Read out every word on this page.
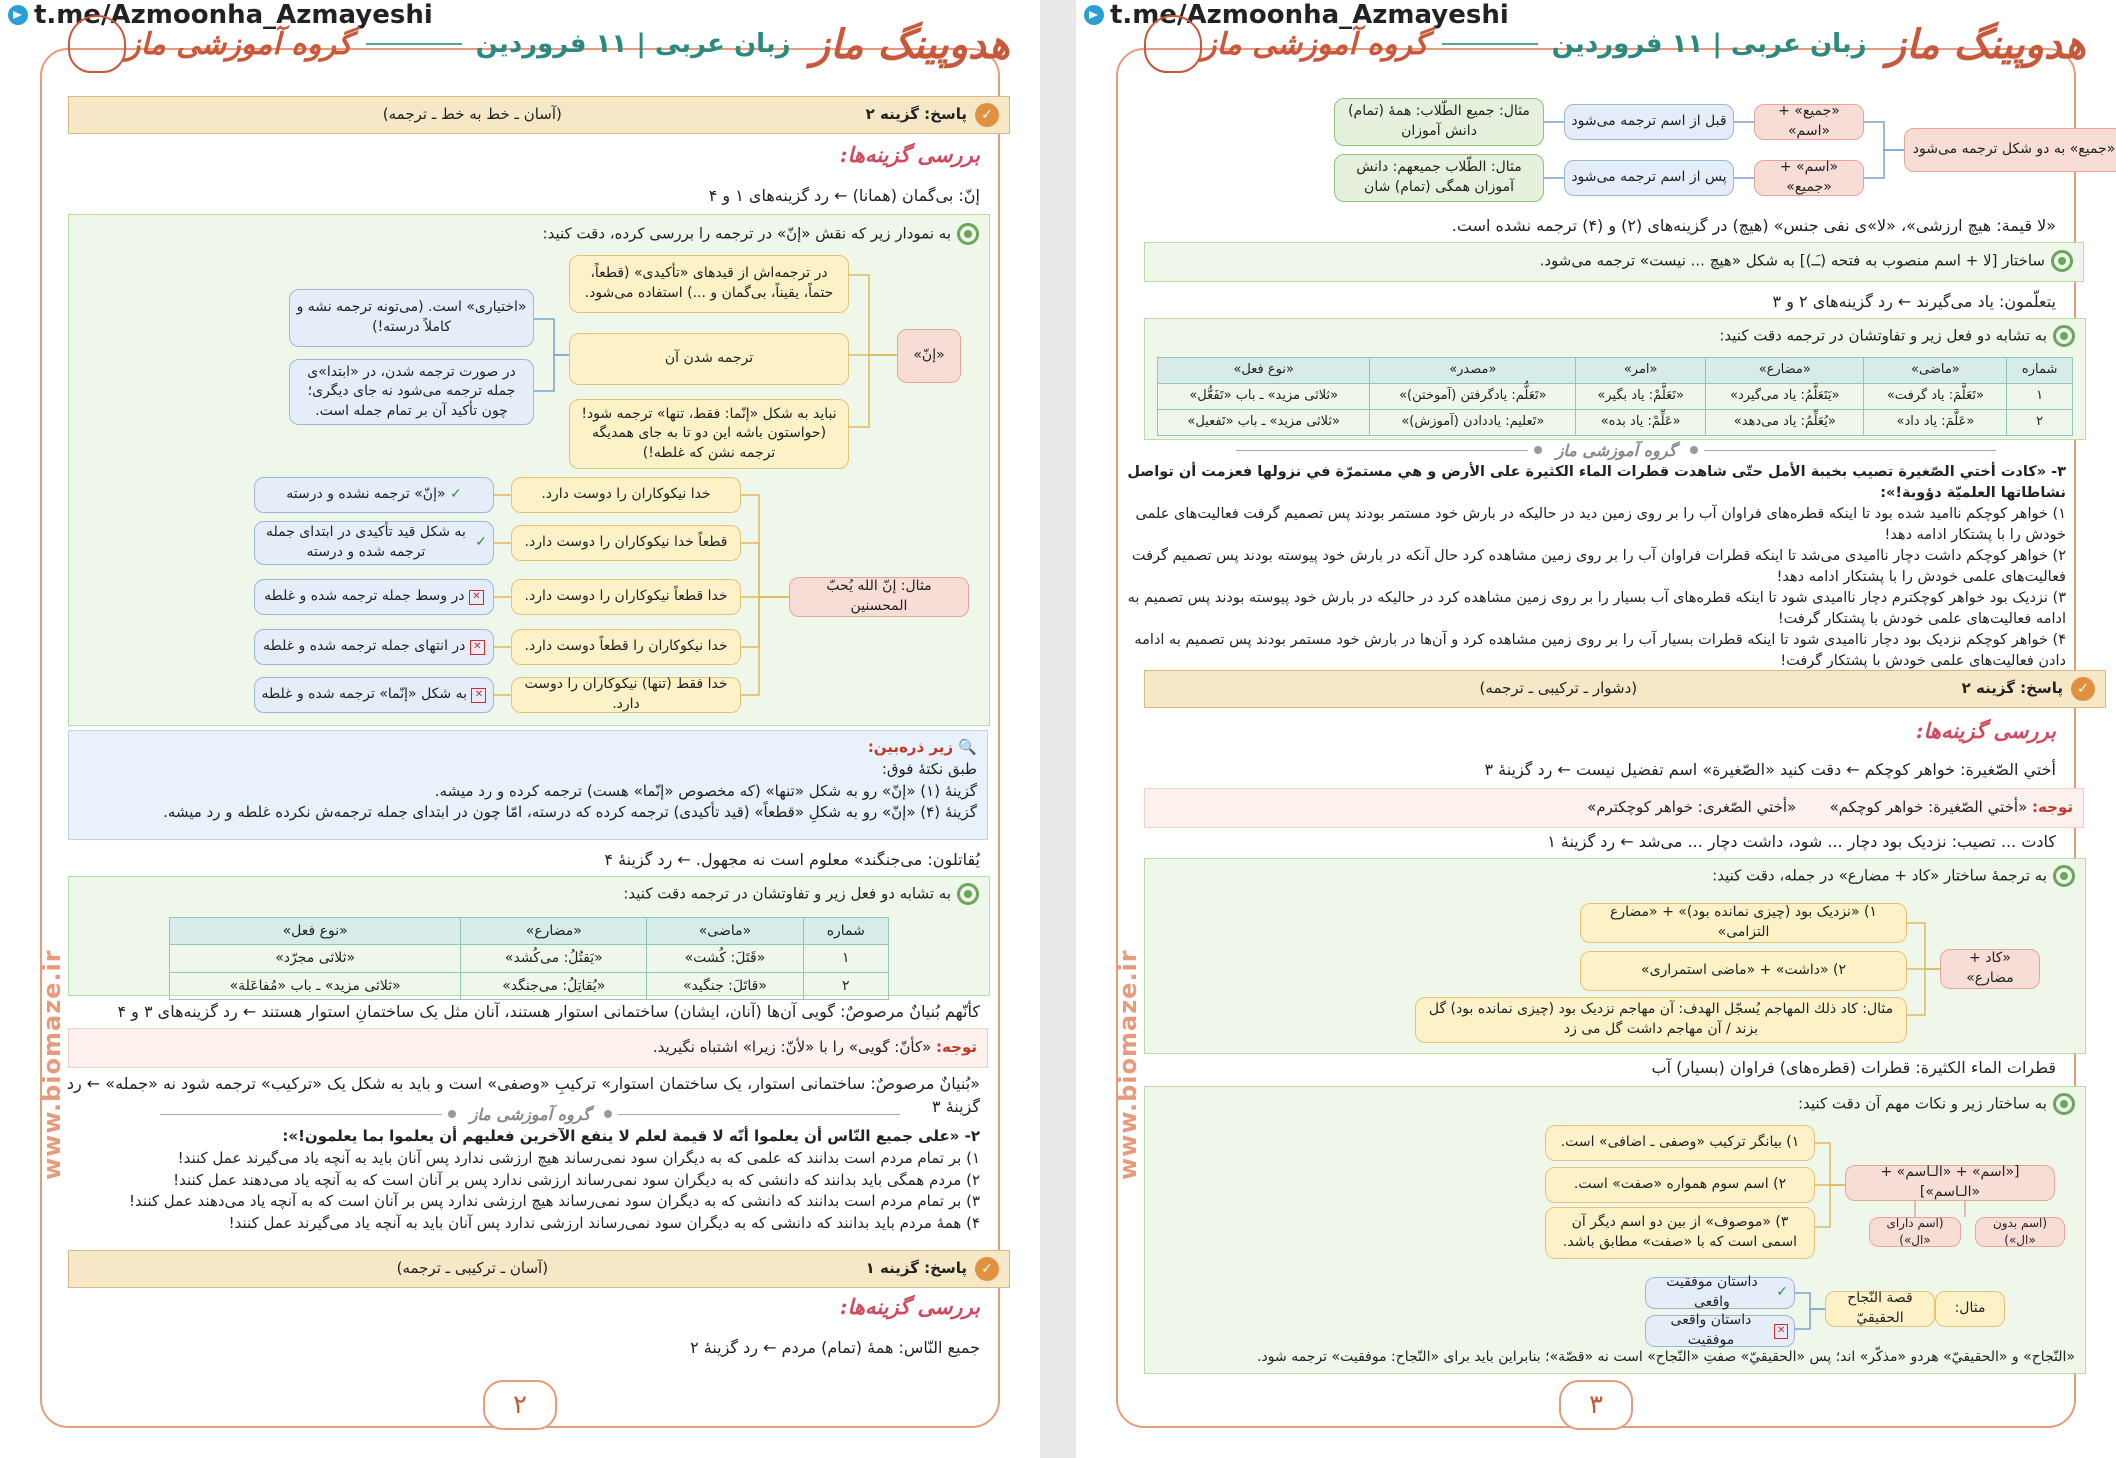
t.me/Azmoonha_Azmayeshi
هدوپینگ ماز
زبان عربی | ۱۱ فروردین
گروه آموزشی ماز
www.biomaze.ir
✓
پاسخ: گزینه ۲
(آسان ـ خط به خط ـ ترجمه)
بررسی گزینه‌ها:
إنّ: بی‌گمان (همانا) ← رد گزینه‌های ۱ و ۴
به نمودار زیر که نقش «إنّ» در ترجمه را بررسی کرده، دقت کنید:
«إنّ»
در ترجمه‌اش از قیدهای «تأکیدی» (قطعاً، حتماً، یقیناً، بی‌گمان و ...) استفاده می‌شود.
ترجمه شدن آن
نباید به شکل «إنّما: فقط، تنها» ترجمه شود! (حواستون باشه این دو تا به جای همدیگه ترجمه نشن که غلطه!)
«اختیاری» است. (می‌تونه ترجمه نشه و کاملاً درسته!)
در صورت ترجمه شدن، در «ابتدا»ی جمله ترجمه می‌شود نه جای دیگری؛ چون تأکید آن بر تمام جمله است.
مثال: إنّ الله یُحبّ المحسنین
خدا نیکوکاران را دوست دارد.
قطعاً خدا نیکوکاران را دوست دارد.
خدا قطعاً نیکوکاران را دوست دارد.
خدا نیکوکاران را قطعاً دوست دارد.
خدا فقط (تنها) نیکوکاران را دوست دارد.
✓

«إنّ» ترجمه نشده و درسته
✓

به شکل قید تأکیدی در ابتدای جمله ترجمه شده و درسته
✕

در وسط جمله ترجمه شده و غلطه
✕

در انتهای جمله ترجمه شده و غلطه
✕

به شکل «إنّما» ترجمه شده و غلطه
🔍 زیر ذره‌بین:
طبق نکتهٔ فوق:
گزینهٔ (۱) «إنّ» رو به شکل «تنها» (که مخصوص «إنّما» هست) ترجمه کرده و رد میشه.
گزینهٔ (۴) «إنّ» رو به شکلِ «قطعاً» (قید تأکیدی) ترجمه کرده که درسته، امّا چون در ابتدای جمله ترجمه‌ش نکرده غلطه و رد میشه.
یُقاتلون: می‌جنگند» معلوم است نه مجهول. ← رد گزینهٔ ۴
به تشابه دو فعل زیر و تفاوتشان در ترجمه دقت کنید:
شماره	«ماضی»	«مضارع»	«نوع فعل»
۱	«قَتَلَ: کُشت»	«یَقتُلُ: می‌کُشد»	«ثلاثی مجرّد»
۲	«قاتَلَ: جنگید»	«یُقاتِلُ: می‌جنگد»	«ثلاثی مزید» ـ باب «مُفاعَلة»
کأنّهم بُنیانٌ مرصوصٌ: گویی آن‌ها (آنان، ایشان) ساختمانی استوار هستند، آنان مثل یک ساختمانِ استوار هستند ← رد گزینه‌های ۳ و ۴
توجه: «کأنّ: گویی» را با «لأنّ: زیرا» اشتباه نگیرید.
«بُنیانٌ مرصوصٌ: ساختمانی استوار، یک ساختمان استوار» ترکیبِ «وصفی» است و باید به شکل یک «ترکیب» ترجمه شود نه «جمله» ← رد گزینهٔ ۳
گروه آموزشی ماز
۲- «علی جمیع النّاس أن یعلموا أنّه لا قیمة لعلم لا ینفع الآخرین فعلیهم أن یعلموا بما یعلمون!»:
۱) بر تمام مردم است بدانند که علمی که به دیگران سود نمی‌رساند هیچ ارزشی ندارد پس آنان باید به آنچه یاد می‌گیرند عمل کنند!
۲) مردم همگی باید بدانند که دانشی که به دیگران سود نمی‌رساند ارزشی ندارد پس بر آنان است که به آنچه یاد می‌دهند عمل کنند!
۳) بر تمام مردم است بدانند که دانشی که به دیگران سود نمی‌رساند هیچ ارزشی ندارد پس بر آنان است که به آنچه یاد می‌دهند عمل کنند!
۴) همهٔ مردم باید بدانند که دانشی که به دیگران سود نمی‌رساند ارزشی ندارد پس آنان باید به آنچه یاد می‌گیرند عمل کنند!
✓
پاسخ: گزینه ۱
(آسان ـ ترکیبی ـ ترجمه)
بررسی گزینه‌ها:
جمیع النّاس: همهٔ (تمام) مردم ← رد گزینهٔ ۲
۲
t.me/Azmoonha_Azmayeshi
هدوپینگ ماز
زبان عربی | ۱۱ فروردین
گروه آموزشی ماز
www.biomaze.ir
«جمیع» به دو شکل ترجمه می‌شود
«جمیع» + «اسم»
«اسم» + «جمیع»
قبل از اسم ترجمه می‌شود
پس از اسم ترجمه می‌شود
مثال: جمیع الطّلاب: همهٔ (تمام) دانش آموزان
مثال: الطّلاب جمیعهم: دانش آموزان همگی (تمام) شان
«لا قیمة: هیچ ارزشی»، «لا»ی نفی جنس» (هیچ) در گزینه‌های (۲) و (۴) ترجمه نشده است.
ساختار [لا + اسم منصوب به فتحه (ـَـ)] به شکل «هیچ ... نیست» ترجمه می‌شود.
یتعلّمون: یاد می‌گیرند ← رد گزینه‌های ۲ و ۳
به تشابه دو فعل زیر و تفاوتشان در ترجمه دقت کنید:
شماره	«ماضی»	«مضارع»	«امر»	«مصدر»	«نوع فعل»
۱	«تَعَلَّمَ: یاد گرفت»	«یَتَعَلَّمُ: یاد می‌گیرد»	«تَعَلَّمْ: یاد بگیر»	«تَعَلُّم: یادگرفتن (آموختن)»	«ثلاثی مزید» ـ باب «تَفَعُّل»
۲	«عَلَّمَ: یاد داد»	«یُعَلِّمُ: یاد می‌دهد»	«عَلِّمْ: یاد بده»	«تَعلیم: یاددادن (آموزش)»	«ثلاثی مزید» ـ باب «تَفعیل»
گروه آموزشی ماز
۳- «کادت أختي الصّغیرة تصیب بخیبة الأمل حتّی شاهدت قطرات الماء الکثیرة علی الأرض و هي مستمرّة في نزولها فعزمت أن تواصل نشاطاتها العلمیّة دؤوبة!»:
۱) خواهر کوچکم ناامید شده بود تا اینکه قطره‌های فراوان آب را بر روی زمین دید در حالیکه در بارش خود مستمر بودند پس تصمیم گرفت فعالیت‌های علمی خودش را با پشتکار ادامه دهد!
۲) خواهر کوچکم داشت دچار ناامیدی می‌شد تا اینکه قطرات فراوان آب را بر روی زمین مشاهده کرد حال آنکه در بارش خود پیوسته بودند پس تصمیم گرفت فعالیت‌های علمی خودش را با پشتکار ادامه دهد!
۳) نزدیک بود خواهر کوچکترم دچار ناامیدی شود تا اینکه قطره‌های آب بسیار را بر روی زمین مشاهده کرد در حالیکه در بارش خود پیوسته بودند پس تصمیم به ادامه فعالیت‌های علمی خودش با پشتکار گرفت!
۴) خواهر کوچکم نزدیک بود دچار ناامیدی شود تا اینکه قطرات بسیار آب را بر روی زمین مشاهده کرد و آن‌ها در بارش خود مستمر بودند پس تصمیم به ادامه دادن فعالیت‌های علمی خودش با پشتکار گرفت!
✓
پاسخ: گزینه ۲
(دشوار ـ ترکیبی ـ ترجمه)
بررسی گزینه‌ها:
أختي الصّغیرة: خواهر کوچکم ← دقت کنید «الصّغیرة» اسم تفضیل نیست ← رد گزینهٔ ۳
توجه: «أختي الصّغیرة: خواهر کوچکم»       «أختي الصّغری: خواهر کوچکترم»
کادت ... تصیب: نزدیک بود دچار ... شود، داشت دچار ... می‌شد ← رد گزینهٔ ۱
به ترجمهٔ ساختار «کاد + مضارع» در جمله، دقت کنید:
«کاد + مضارع»
۱) «نزدیک بود (چیزی نمانده بود)» + «مضارع التزامی»
۲) «داشت» + «ماضی استمراری»
مثال: کاد ذلك المهاجم یُسجّل الهدف: آن مهاجم نزدیک بود (چیزی نمانده بود) گل بزند / آن مهاجم داشت گل می زد
قطرات الماء الکثیرة: قطرات (قطره‌های) فراوان (بسیار) آب
به ساختار زیر و نکات مهم آن دقت کنید:
[«اسم» + «الـاسم» + «الـاسم»]
۱) بیانگر ترکیب «وصفی ـ اضافی» است.
۲) اسم سوم همواره «صفت» است.
۳) «موصوف» از بین دو اسم دیگر آن اسمی است که با «صفت» مطابق باشد.
(اسم بدون «ال»)
(اسم دارای «ال»)
مثال:
قصة النّجاح الحقیقيّ
✓

داستان موفقیت واقعی
✕

داستان واقعی موفقیت
«النّجاح» و «الحقیقيّ» هردو «مذکّر» اند؛ پس «الحقیقيّ» صفتِ «النّجاح» است نه «قصّة»؛ بنابراین باید برای «النّجاح: موفقیت» ترجمه شود.
۳
